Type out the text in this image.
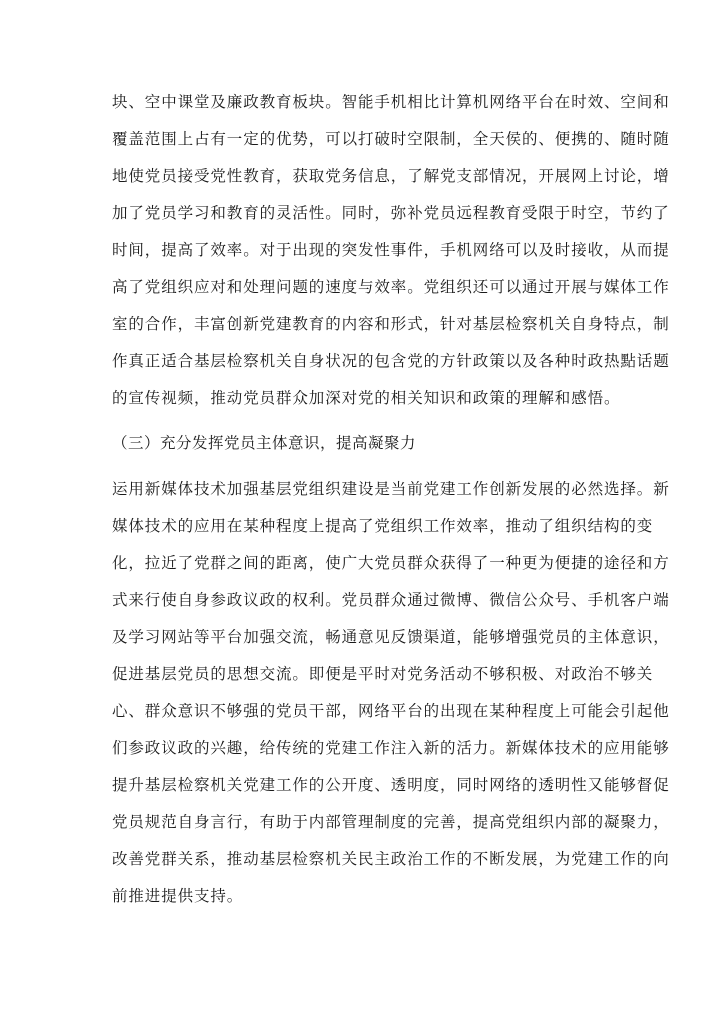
块、空中课堂及廉政教育板块。智能手机相比计算机网络平台在时效、空间和
覆盖范围上占有一定的优势，可以打破时空限制，全天侯的、便携的、随时随
地使党员接受党性教育，获取党务信息，了解党支部情况，开展网上讨论，增
加了党员学习和教育的灵活性。同时，弥补党员远程教育受限于时空，节约了
时间，提高了效率。对于出现的突发性事件，手机网络可以及时接收，从而提
高了党组织应对和处理问题的速度与效率。党组织还可以通过开展与媒体工作
室的合作，丰富创新党建教育的内容和形式，针对基层检察机关自身特点，制
作真正适合基层检察机关自身状况的包含党的方针政策以及各种时政热點话题
的宣传视频，推动党员群众加深对党的相关知识和政策的理解和感悟。
（三）充分发挥党员主体意识，提高凝聚力
运用新媒体技术加强基层党组织建设是当前党建工作创新发展的必然选择。新
媒体技术的应用在某种程度上提高了党组织工作效率，推动了组织结构的变
化，拉近了党群之间的距离，使广大党员群众获得了一种更为便捷的途径和方
式来行使自身参政议政的权利。党员群众通过微博、微信公众号、手机客户端
及学习网站等平台加强交流，畅通意见反馈渠道，能够增强党员的主体意识，
促进基层党员的思想交流。即便是平时对党务活动不够积极、对政治不够关
心、群众意识不够强的党员干部，网络平台的出现在某种程度上可能会引起他
们参政议政的兴趣，给传统的党建工作注入新的活力。新媒体技术的应用能够
提升基层检察机关党建工作的公开度、透明度，同时网络的透明性又能够督促
党员规范自身言行，有助于内部管理制度的完善，提高党组织内部的凝聚力，
改善党群关系，推动基层检察机关民主政治工作的不断发展，为党建工作的向
前推进提供支持。
